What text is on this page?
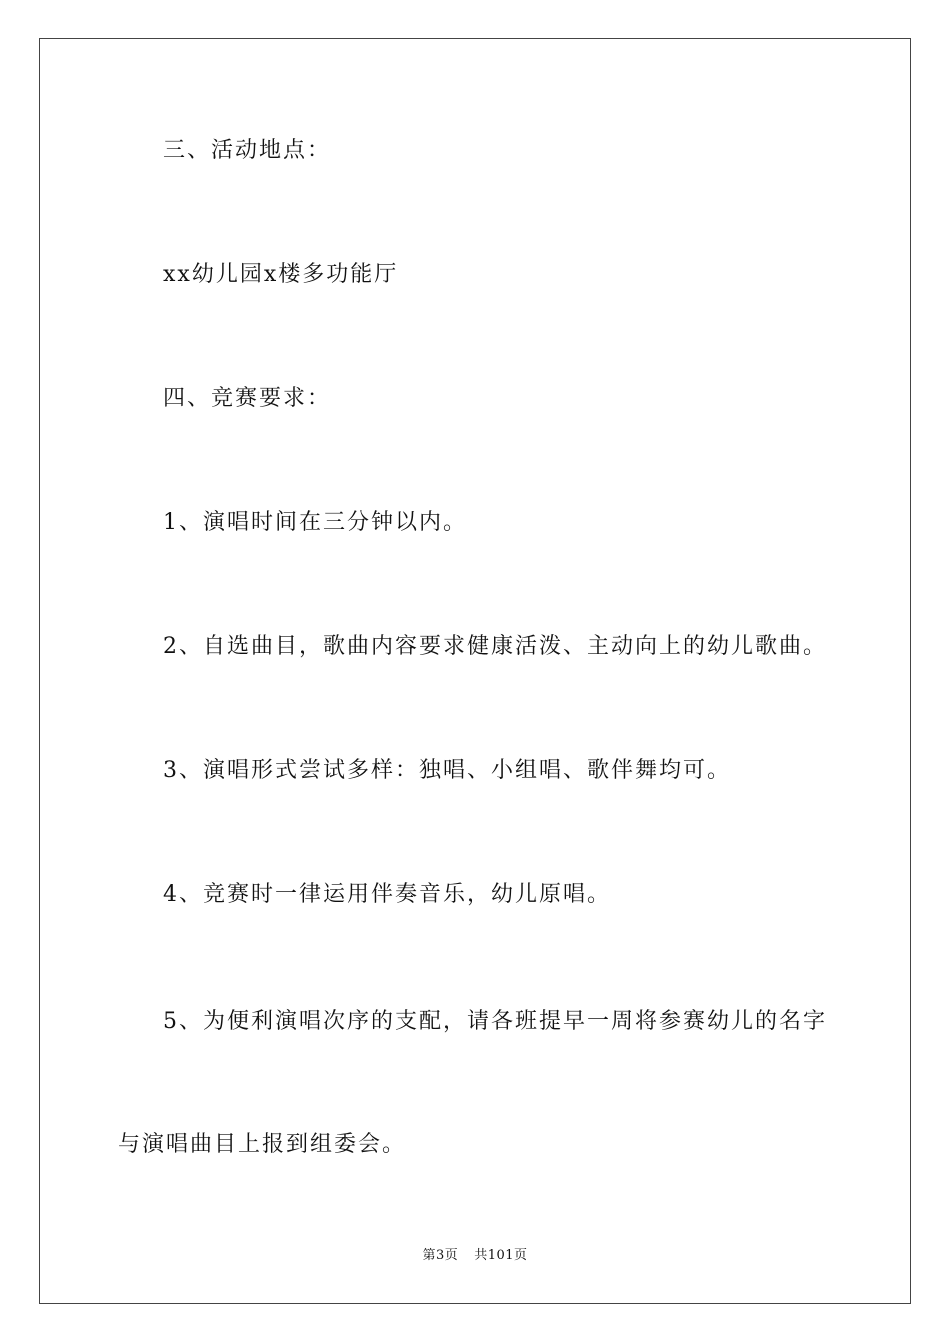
三、活动地点：
xx幼儿园x楼多功能厅
四、竞赛要求：
1、演唱时间在三分钟以内。
2、自选曲目，歌曲内容要求健康活泼、主动向上的幼儿歌曲。
3、演唱形式尝试多样：独唱、小组唱、歌伴舞均可。
4、竞赛时一律运用伴奏音乐，幼儿原唱。
5、为便利演唱次序的支配，请各班提早一周将参赛幼儿的名字
与演唱曲目上报到组委会。
第3页 共101页
